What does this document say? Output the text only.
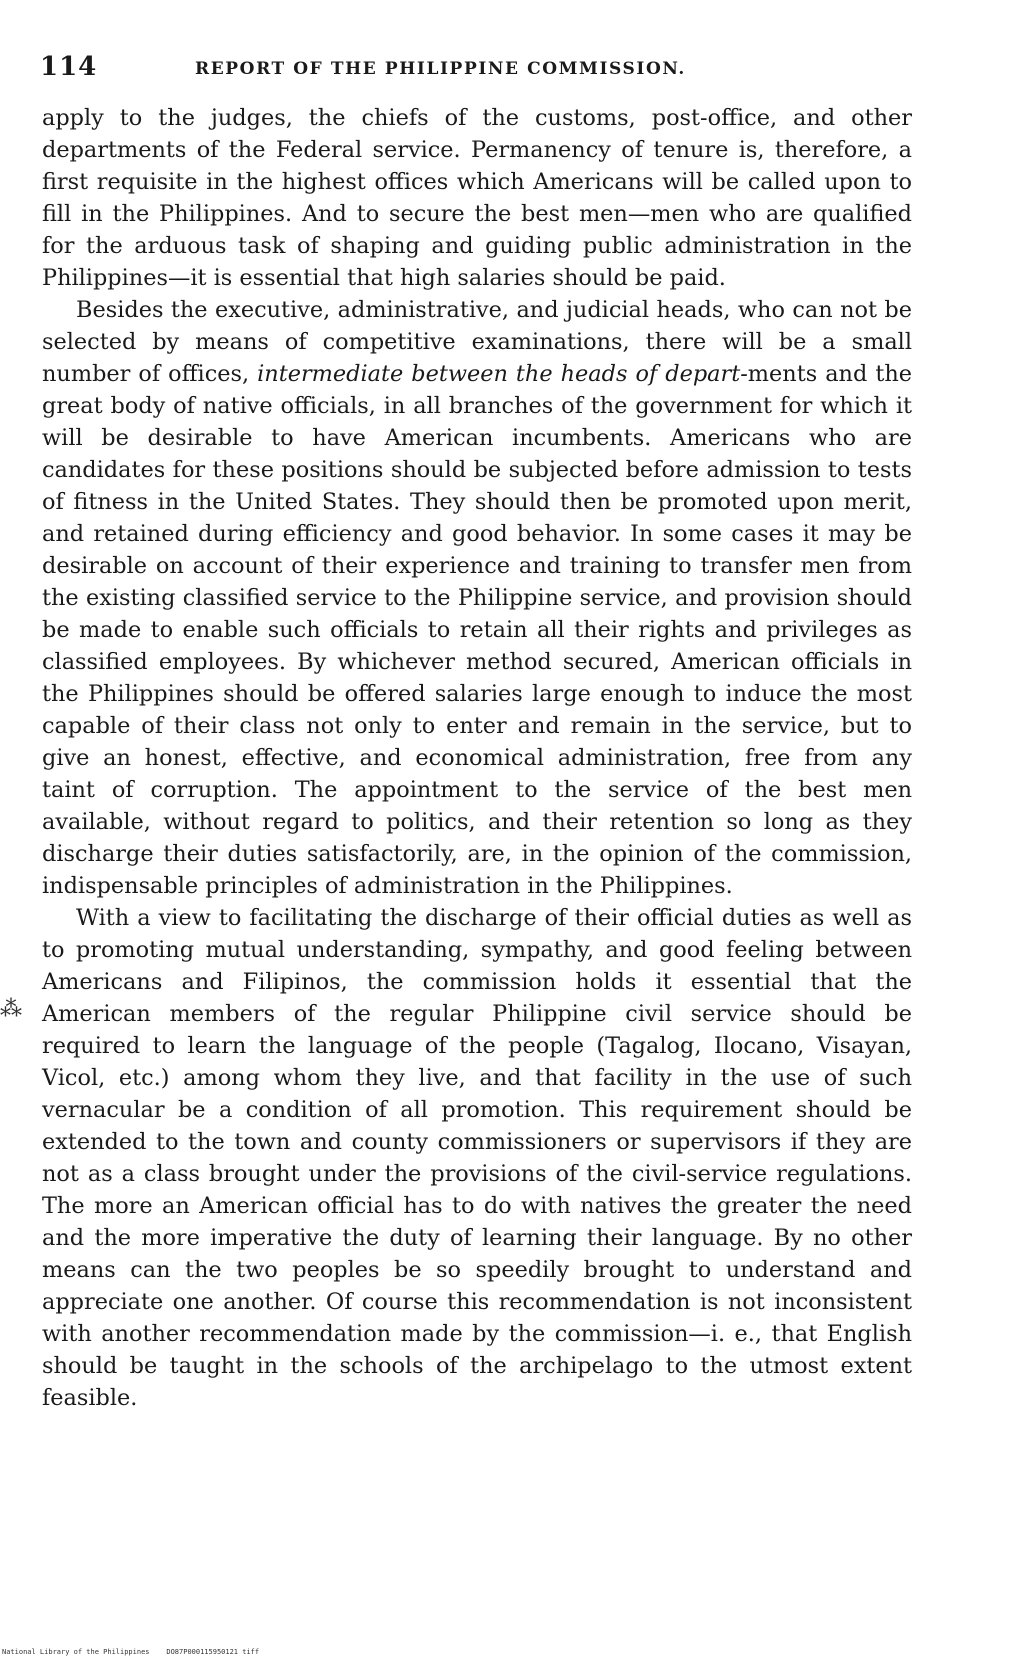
114	REPORT OF THE PHILIPPINE COMMISSION.

apply to the judges, the chiefs of the customs, post-office, and other departments of the Federal service. Permanency of tenure is, therefore, a first requisite in the highest offices which Americans will be called upon to fill in the Philippines. And to secure the best men—men who are qualified for the arduous task of shaping and guiding public administration in the Philippines—it is essential that high salaries should be paid.

Besides the executive, administrative, and judicial heads, who can not be selected by means of competitive examinations, there will be a small number of offices, intermediate between the heads of depart-ments and the great body of native officials, in all branches of the government for which it will be desirable to have American incumbents. Americans who are candidates for these positions should be subjected before admission to tests of fitness in the United States. They should then be promoted upon merit, and retained during efficiency and good behavior. In some cases it may be desirable on account of their experience and training to transfer men from the existing classified service to the Philippine service, and provision should be made to enable such officials to retain all their rights and privileges as classified employees. By whichever method secured, American officials in the Philippines should be offered salaries large enough to induce the most capable of their class not only to enter and remain in the service, but to give an honest, effective, and economical administration, free from any taint of corruption. The appointment to the service of the best men available, without regard to politics, and their retention so long as they discharge their duties satisfactorily, are, in the opinion of the commission, indispensable principles of administration in the Philippines.

With a view to facilitating the discharge of their official duties as well as to promoting mutual understanding, sympathy, and good feeling between Americans and Filipinos, the commission holds it essential that the American members of the regular Philippine civil service should be required to learn the language of the people (Tagalog, Ilocano, Visayan, Vicol, etc.) among whom they live, and that facility in the use of such vernacular be a condition of all promotion. This requirement should be extended to the town and county commissioners or supervisors if they are not as a class brought under the provisions of the civil-service regulations. The more an American official has to do with natives the greater the need and the more imperative the duty of learning their language. By no other means can the two peoples be so speedily brought to understand and appreciate one another. Of course this recommendation is not inconsistent with another recommendation made by the commission—i. e., that English should be taught in the schools of the archipelago to the utmost extent feasible.

⁂
National Library of the Philippines DO87P000115950121 tiff
